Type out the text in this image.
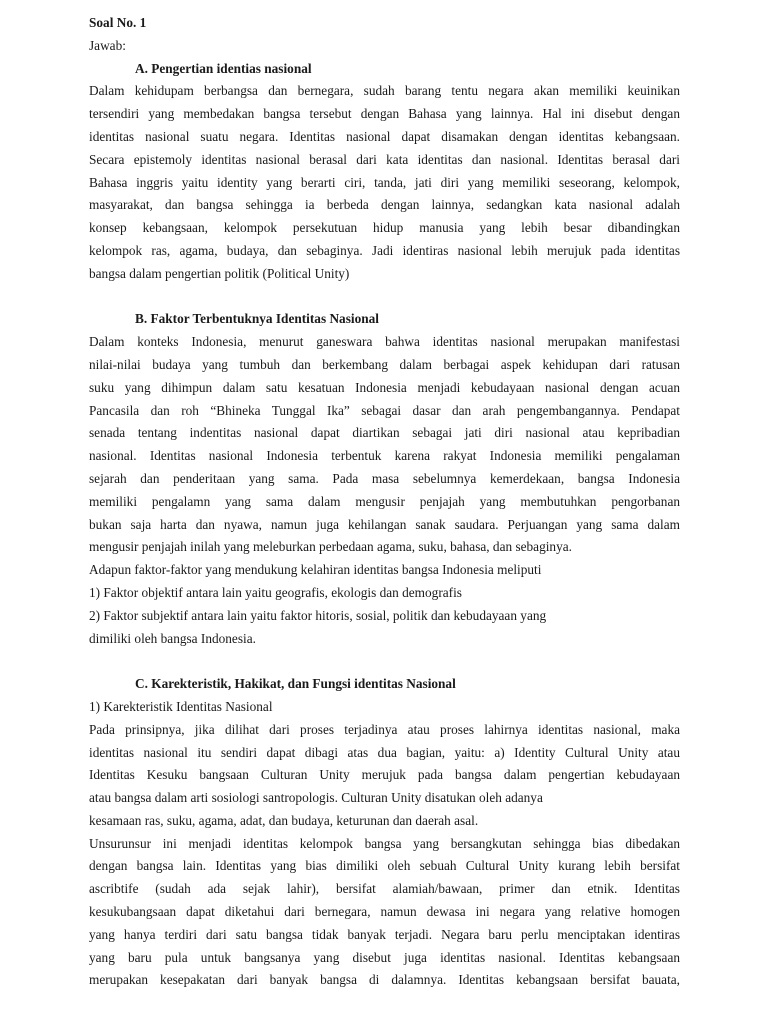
Soal No. 1
Jawab:
A. Pengertian identias nasional
Dalam kehidupam berbangsa dan bernegara, sudah barang tentu negara akan memiliki keuinikan
tersendiri yang membedakan bangsa tersebut dengan Bahasa yang lainnya. Hal ini disebut dengan
identitas nasional suatu negara. Identitas nasional dapat disamakan dengan identitas kebangsaan.
Secara epistemoly identitas nasional berasal dari kata identitas dan nasional. Identitas berasal dari
Bahasa inggris yaitu identity yang berarti ciri, tanda, jati diri yang memiliki seseorang, kelompok,
masyarakat, dan bangsa sehingga ia berbeda dengan lainnya, sedangkan kata nasional adalah
konsep kebangsaan, kelompok persekutuan hidup manusia yang lebih besar dibandingkan
kelompok ras, agama, budaya, dan sebaginya. Jadi identiras nasional lebih merujuk pada identitas
bangsa dalam pengertian politik (Political Unity)
B. Faktor Terbentuknya Identitas Nasional
Dalam konteks Indonesia, menurut ganeswara bahwa identitas nasional merupakan manifestasi
nilai-nilai budaya yang tumbuh dan berkembang dalam berbagai aspek kehidupan dari ratusan
suku yang dihimpun dalam satu kesatuan Indonesia menjadi kebudayaan nasional dengan acuan
Pancasila dan roh “Bhineka Tunggal Ika” sebagai dasar dan arah pengembangannya. Pendapat
senada tentang indentitas nasional dapat diartikan sebagai jati diri nasional atau kepribadian
nasional. Identitas nasional Indonesia terbentuk karena rakyat Indonesia memiliki pengalaman
sejarah dan penderitaan yang sama. Pada masa sebelumnya kemerdekaan, bangsa Indonesia
memiliki pengalamn yang sama dalam mengusir penjajah yang membutuhkan pengorbanan
bukan saja harta dan nyawa, namun juga kehilangan sanak saudara. Perjuangan yang sama dalam
mengusir penjajah inilah yang meleburkan perbedaan agama, suku, bahasa, dan sebaginya.
Adapun faktor-faktor yang mendukung kelahiran identitas bangsa Indonesia meliputi
1) Faktor objektif antara lain yaitu geografis, ekologis dan demografis
2) Faktor subjektif antara lain yaitu faktor hitoris, sosial, politik dan kebudayaan yang
dimiliki oleh bangsa Indonesia.
C. Karekteristik, Hakikat, dan Fungsi identitas Nasional
1) Karekteristik Identitas Nasional
Pada prinsipnya, jika dilihat dari proses terjadinya atau proses lahirnya identitas nasional, maka
identitas nasional itu sendiri dapat dibagi atas dua bagian, yaitu: a) Identity Cultural Unity atau
Identitas Kesuku bangsaan Culturan Unity merujuk pada bangsa dalam pengertian kebudayaan
atau bangsa dalam arti sosiologi santropologis. Culturan Unity disatukan oleh adanya
kesamaan ras, suku, agama, adat, dan budaya, keturunan dan daerah asal.
Unsurunsur ini menjadi identitas kelompok bangsa yang bersangkutan sehingga bias dibedakan
dengan bangsa lain. Identitas yang bias dimiliki oleh sebuah Cultural Unity kurang lebih bersifat
ascribtife (sudah ada sejak lahir), bersifat alamiah/bawaan, primer dan etnik. Identitas
kesukubangsaan dapat diketahui dari bernegara, namun dewasa ini negara yang relative homogen
yang hanya terdiri dari satu bangsa tidak banyak terjadi. Negara baru perlu menciptakan identiras
yang baru pula untuk bangsanya yang disebut juga identitas nasional. Identitas kebangsaan
merupakan kesepakatan dari banyak bangsa di dalamnya. Identitas kebangsaan bersifat bauata,
